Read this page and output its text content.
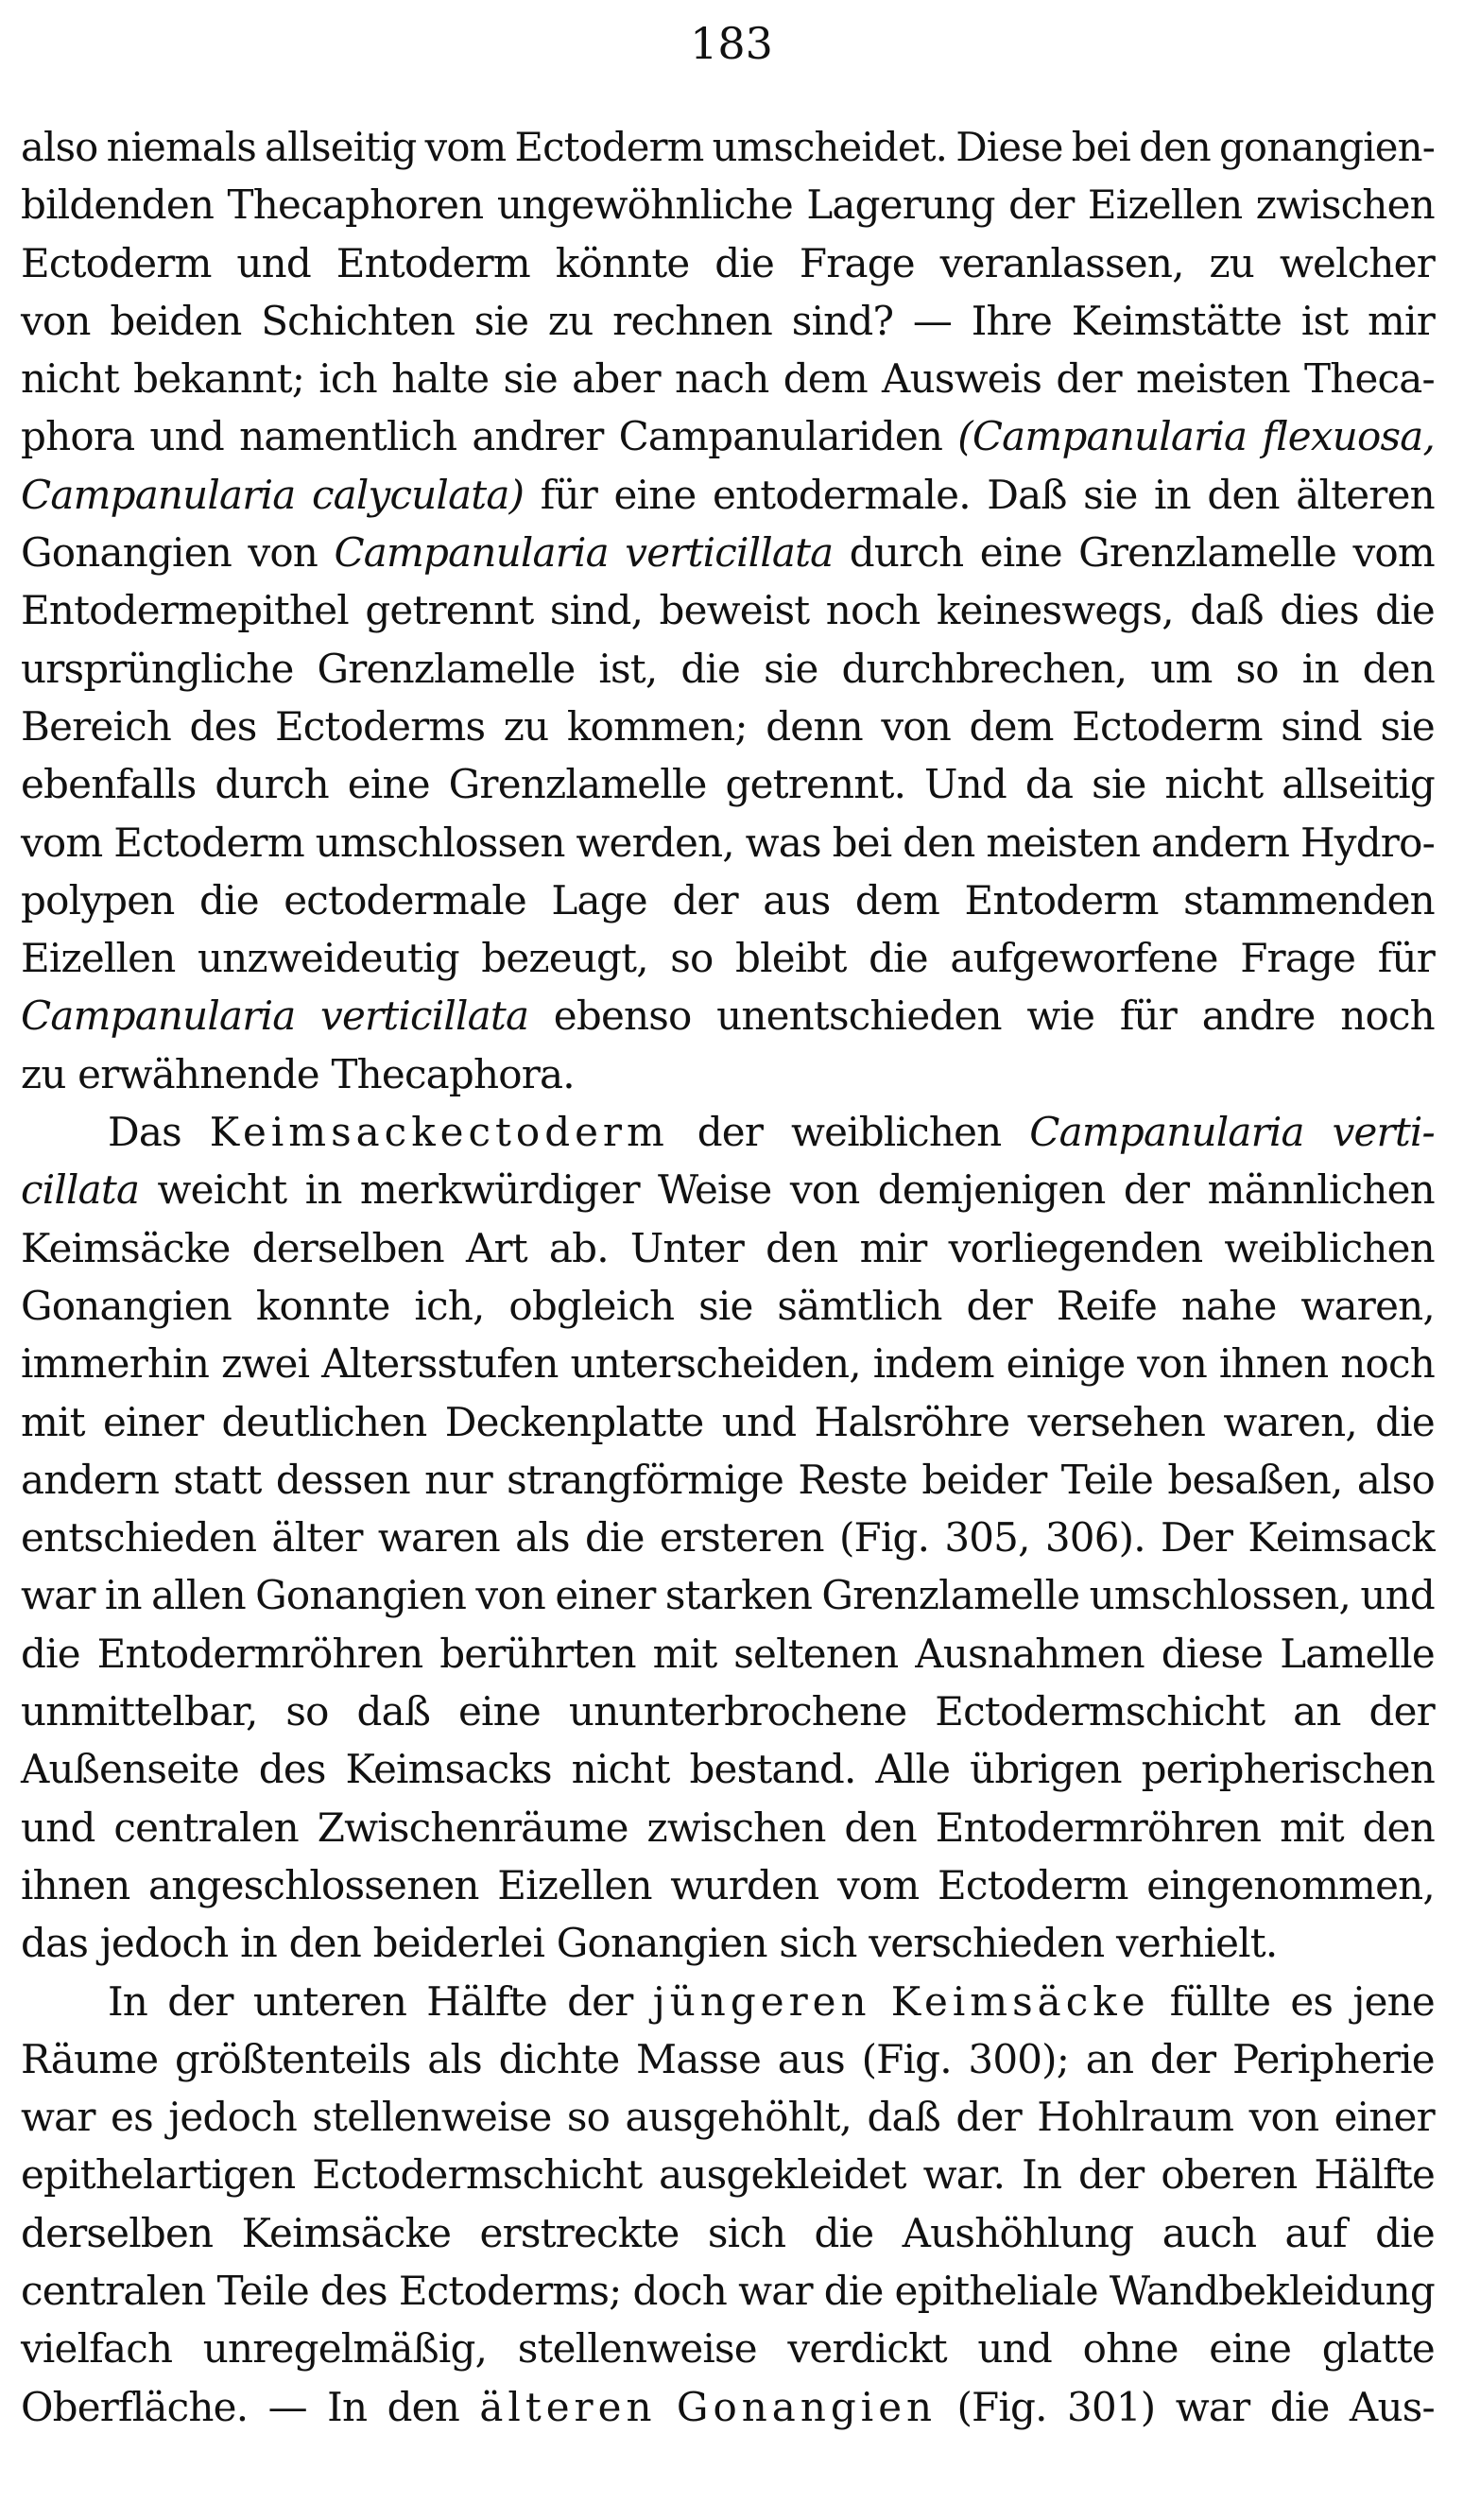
183
also niemals allseitig vom Ectoderm umscheidet. Diese bei den gonangien-
bildenden Thecaphoren ungewöhnliche Lagerung der Eizellen zwischen
Ectoderm und Entoderm könnte die Frage veranlassen, zu welcher
von beiden Schichten sie zu rechnen sind? — Ihre Keimstätte ist mir
nicht bekannt; ich halte sie aber nach dem Ausweis der meisten Theca-
phora und namentlich andrer Campanulariden (Campanularia flexuosa,
Campanularia calyculata) für eine entodermale. Daß sie in den älteren
Gonangien von Campanularia verticillata durch eine Grenzlamelle vom
Entodermepithel getrennt sind, beweist noch keineswegs, daß dies die
ursprüngliche Grenzlamelle ist, die sie durchbrechen, um so in den
Bereich des Ectoderms zu kommen; denn von dem Ectoderm sind sie
ebenfalls durch eine Grenzlamelle getrennt. Und da sie nicht allseitig
vom Ectoderm umschlossen werden, was bei den meisten andern Hydro-
polypen die ectodermale Lage der aus dem Entoderm stammenden
Eizellen unzweideutig bezeugt, so bleibt die aufgeworfene Frage für
Campanularia verticillata ebenso unentschieden wie für andre noch
zu erwähnende Thecaphora.
Das Keimsackectoderm der weiblichen Campanularia verti-
cillata weicht in merkwürdiger Weise von demjenigen der männlichen
Keimsäcke derselben Art ab. Unter den mir vorliegenden weiblichen
Gonangien konnte ich, obgleich sie sämtlich der Reife nahe waren,
immerhin zwei Altersstufen unterscheiden, indem einige von ihnen noch
mit einer deutlichen Deckenplatte und Halsröhre versehen waren, die
andern statt dessen nur strangförmige Reste beider Teile besaßen, also
entschieden älter waren als die ersteren (Fig. 305, 306). Der Keimsack
war in allen Gonangien von einer starken Grenzlamelle umschlossen, und
die Entodermröhren berührten mit seltenen Ausnahmen diese Lamelle
unmittelbar, so daß eine ununterbrochene Ectodermschicht an der
Außenseite des Keimsacks nicht bestand. Alle übrigen peripherischen
und centralen Zwischenräume zwischen den Entodermröhren mit den
ihnen angeschlossenen Eizellen wurden vom Ectoderm eingenommen,
das jedoch in den beiderlei Gonangien sich verschieden verhielt.
In der unteren Hälfte der jüngeren Keimsäcke füllte es jene
Räume größtenteils als dichte Masse aus (Fig. 300); an der Peripherie
war es jedoch stellenweise so ausgehöhlt, daß der Hohlraum von einer
epithelartigen Ectodermschicht ausgekleidet war. In der oberen Hälfte
derselben Keimsäcke erstreckte sich die Aushöhlung auch auf die
centralen Teile des Ectoderms; doch war die epitheliale Wandbekleidung
vielfach unregelmäßig, stellenweise verdickt und ohne eine glatte
Oberfläche. — In den älteren Gonangien (Fig. 301) war die Aus-
